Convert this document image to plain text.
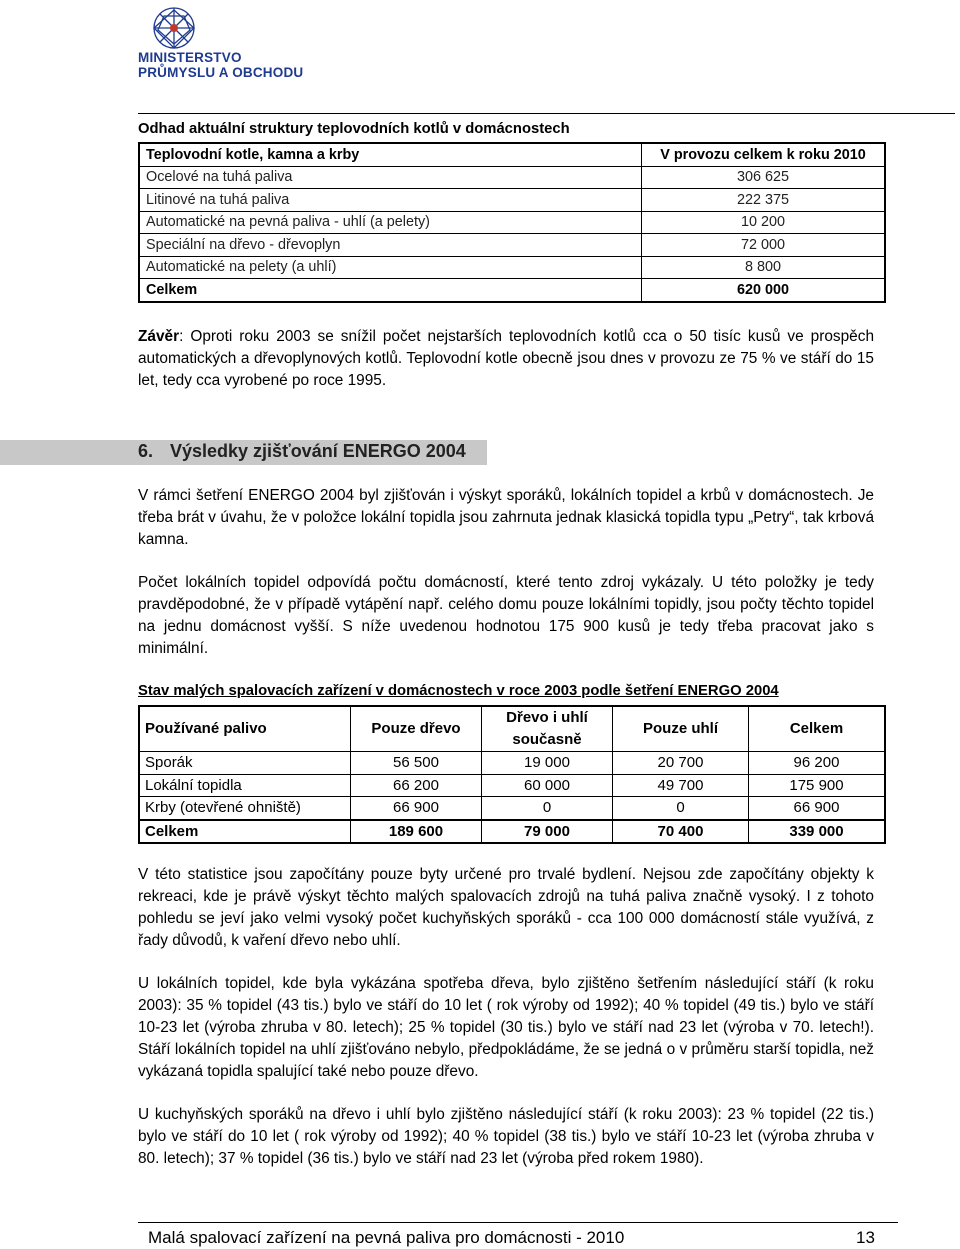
MINISTERSTVO
PRŮMYSLU A OBCHODU
Odhad aktuální struktury teplovodních kotlů v domácnostech
Teplovodní kotle, kamna a krby	V provozu celkem k roku 2010
Ocelové na tuhá paliva	306 625
Litinové na tuhá paliva	222 375
Automatické na pevná paliva - uhlí (a pelety)	10 200
Speciální na dřevo - dřevoplyn	72 000
Automatické na pelety (a uhlí)	8 800
Celkem	620 000
Závěr: Oproti roku 2003 se snížil počet nejstarších teplovodních kotlů cca o 50 tisíc kusů ve prospěch automatických a dřevoplynových kotlů. Teplovodní kotle obecně jsou dnes v provozu ze 75 % ve stáří do 15 let, tedy cca vyrobené po roce 1995.
6. Výsledky zjišťování ENERGO 2004
V rámci šetření ENERGO 2004 byl zjišťován i výskyt sporáků, lokálních topidel a krbů v domácnostech. Je třeba brát v úvahu, že v položce lokální topidla jsou zahrnuta jednak klasická topidla typu „Petry“, tak krbová kamna.
Počet lokálních topidel odpovídá počtu domácností, které tento zdroj vykázaly. U této položky je tedy pravděpodobné, že v případě vytápění např. celého domu pouze lokálními topidly, jsou počty těchto topidel na jednu domácnost vyšší. S níže uvedenou hodnotou 175 900 kusů je tedy třeba pracovat jako s minimální.
Stav malých spalovacích zařízení v domácnostech v roce 2003 podle šetření ENERGO 2004
Používané palivo	Pouze dřevo	Dřevo i uhlí současně	Pouze uhlí	Celkem
Sporák	56 500	19 000	20 700	96 200
Lokální topidla	66 200	60 000	49 700	175 900
Krby (otevřené ohniště)	66 900	0	0	66 900
Celkem	189 600	79 000	70 400	339 000
V této statistice jsou započítány pouze byty určené pro trvalé bydlení. Nejsou zde započítány objekty k rekreaci, kde je právě výskyt těchto malých spalovacích zdrojů na tuhá paliva značně vysoký. I z tohoto pohledu se jeví jako velmi vysoký počet kuchyňských sporáků - cca 100 000 domácností stále využívá, z řady důvodů, k vaření dřevo nebo uhlí.
U lokálních topidel, kde byla vykázána spotřeba dřeva, bylo zjištěno šetřením následující stáří (k roku 2003): 35 % topidel (43 tis.) bylo ve stáří do 10 let ( rok výroby od 1992); 40 % topidel (49 tis.) bylo ve stáří 10-23 let (výroba zhruba v 80. letech); 25 % topidel (30 tis.) bylo ve stáří nad 23 let (výroba v 70. letech!). Stáří lokálních topidel na uhlí zjišťováno nebylo, předpokládáme, že se jedná o v průměru starší topidla, než vykázaná topidla spalující také nebo pouze dřevo.
U kuchyňských sporáků na dřevo i uhlí bylo zjištěno následující stáří (k roku 2003): 23 % topidel (22 tis.) bylo ve stáří do 10 let ( rok výroby od 1992); 40 % topidel (38 tis.) bylo ve stáří 10-23 let (výroba zhruba v 80. letech); 37 % topidel (36 tis.) bylo ve stáří nad 23 let (výroba před rokem 1980).
Malá spalovací zařízení na pevná paliva pro domácnosti - 2010	13
